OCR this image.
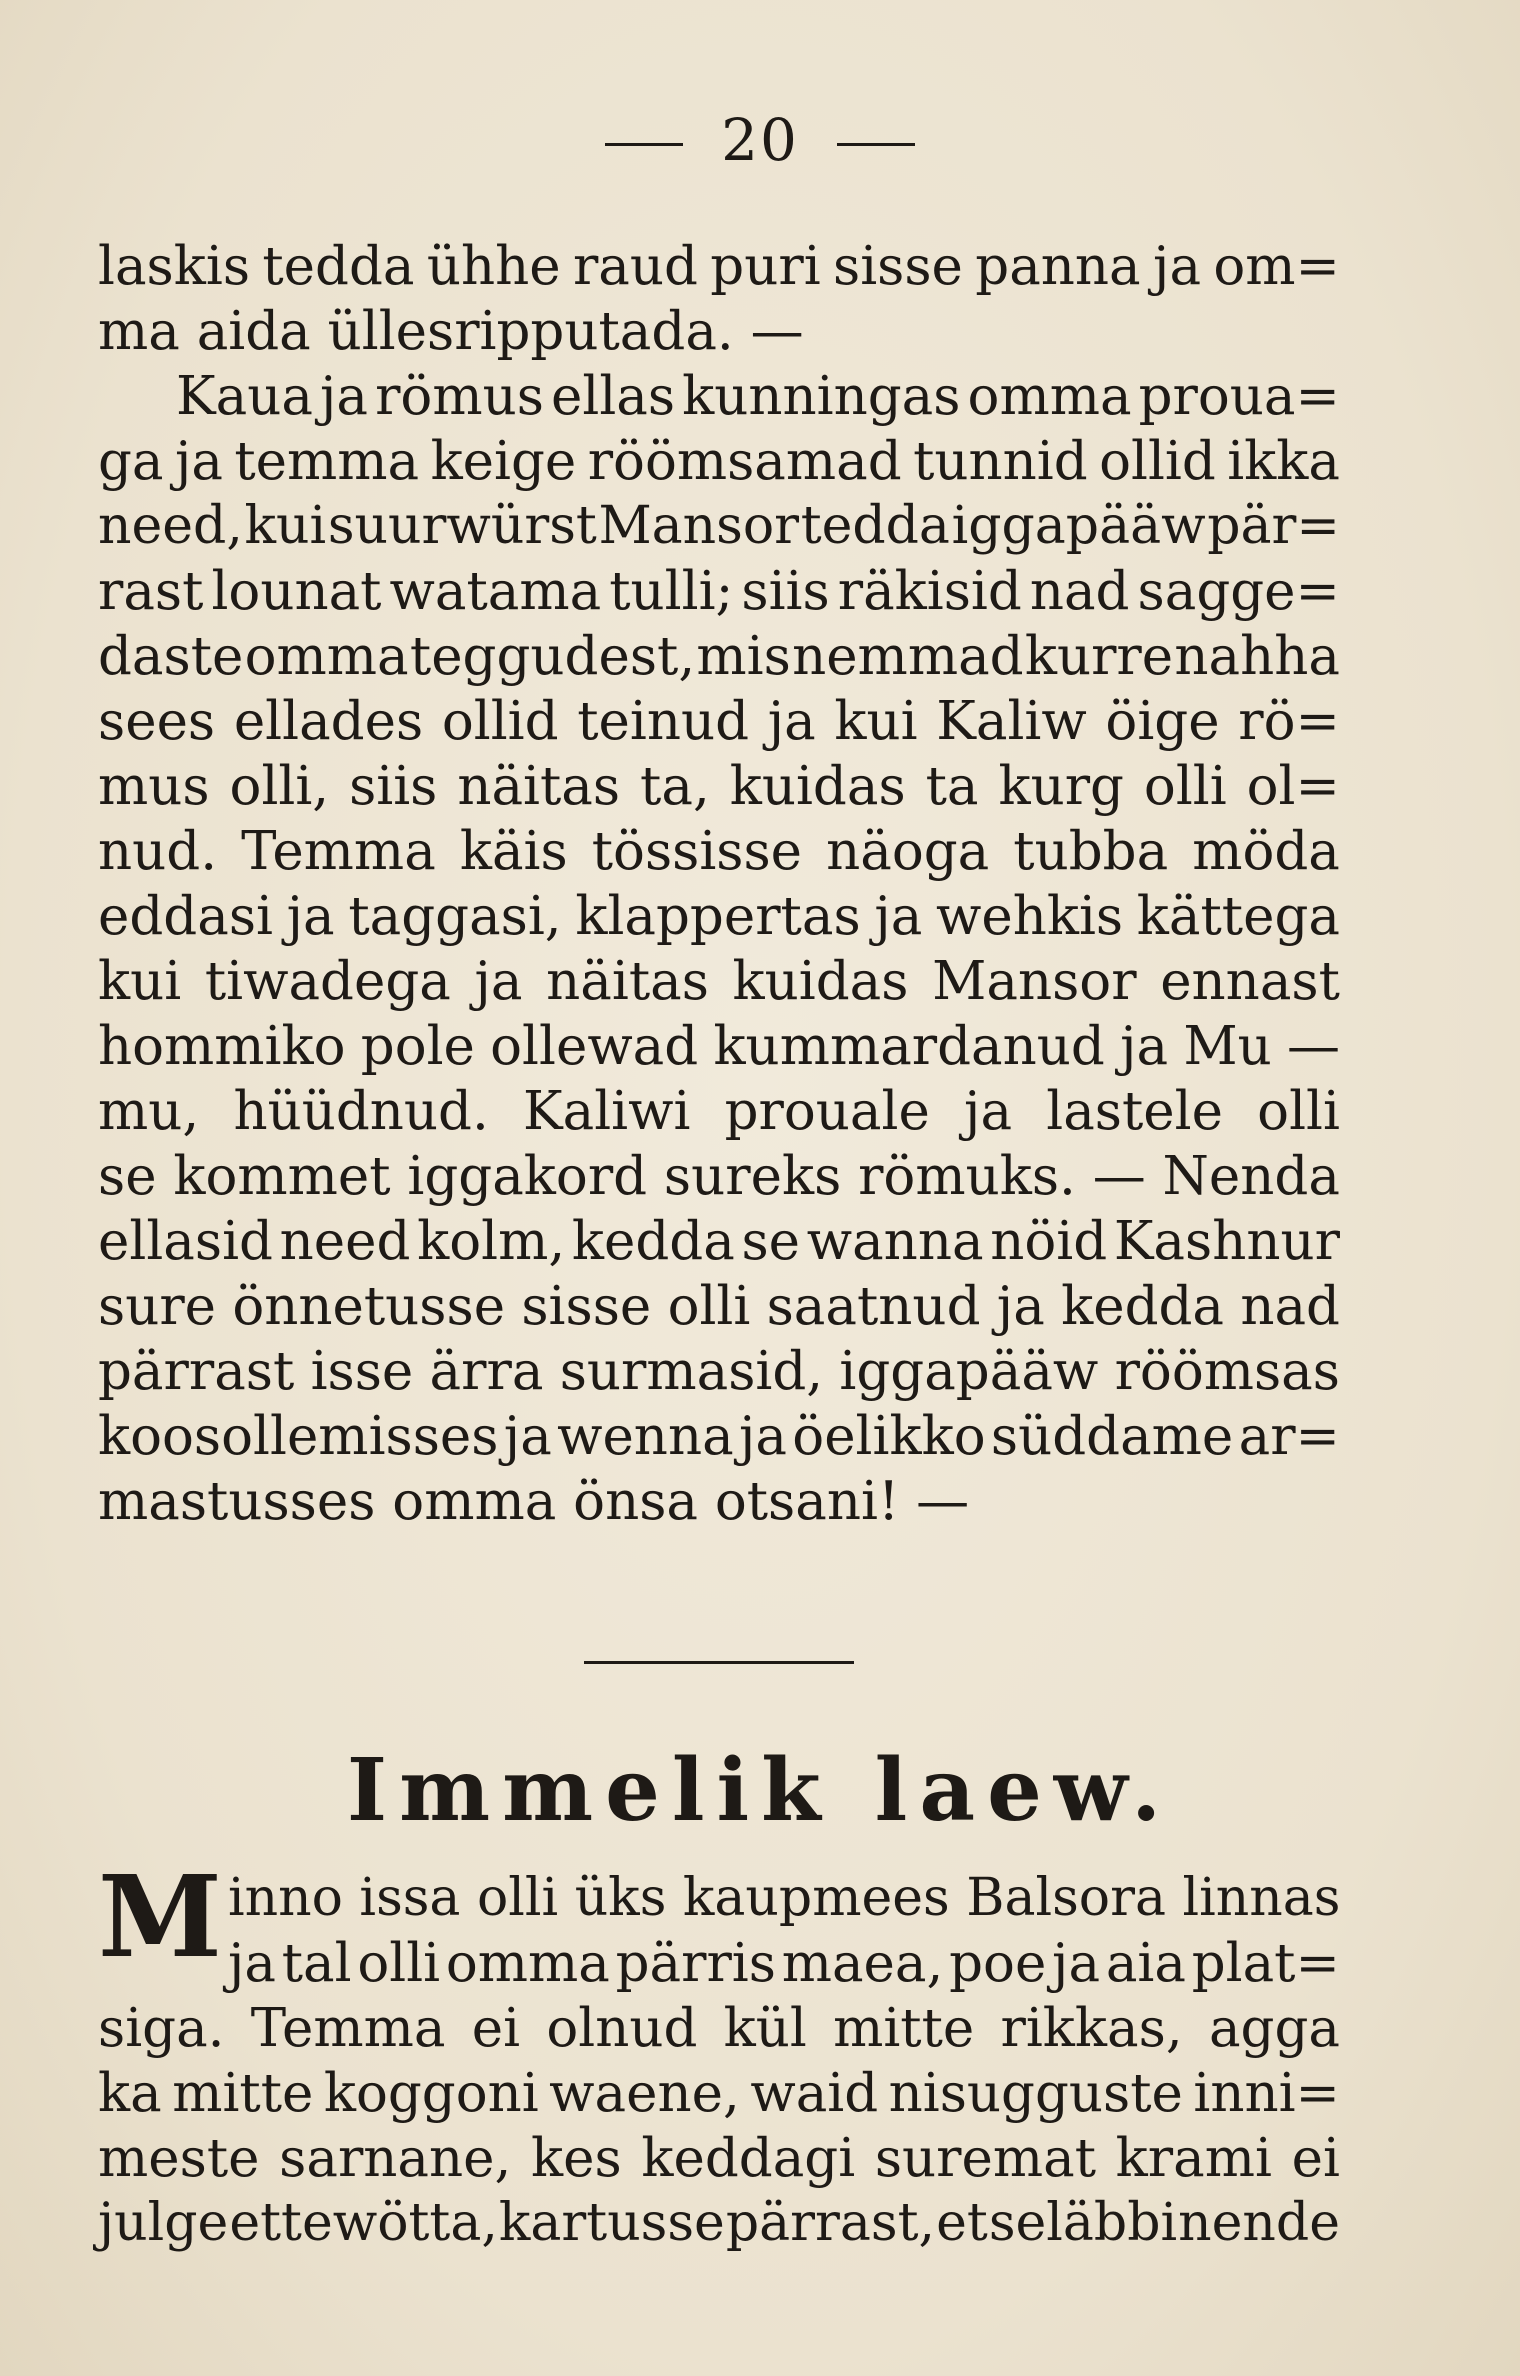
20
laskis tedda ühhe raud puri sisse panna ja om=
ma aida üllesripputada. —
Kaua ja römus ellas kunningas omma proua=
ga ja temma keige röömsamad tunnid ollid ikka
need, kui suurwürst Mansor tedda iggapääw pär=
rast lounat watama tulli; siis räkisid nad sagge=
daste omma teggudest, mis nemmad kurre nahha
sees ellades ollid teinud ja kui Kaliw öige rö=
mus olli, siis näitas ta, kuidas ta kurg olli ol=
nud. Temma käis tössisse näoga tubba möda
eddasi ja taggasi, klappertas ja wehkis kättega
kui tiwadega ja näitas kuidas Mansor ennast
hommiko pole ollewad kummardanud ja Mu —
mu, hüüdnud. Kaliwi prouale ja lastele olli
se kommet iggakord sureks römuks. — Nenda
ellasid need kolm, kedda se wanna nöid Kashnur
sure önnetusse sisse olli saatnud ja kedda nad
pärrast isse ärra surmasid, iggapääw röömsas
koosollemisses ja wenna ja öelikko süddame ar=
mastusses omma önsa otsani! —
Immelik laew.
Minno issa olli üks kaupmees Balsora linnas
ja tal olli omma pärris maea, poe ja aia plat=
siga. Temma ei olnud kül mitte rikkas, agga
ka mitte koggoni waene, waid nisugguste inni=
meste sarnane, kes keddagi suremat krami ei
julge ettewötta, kartusse pärrast, et seläbbi nende
